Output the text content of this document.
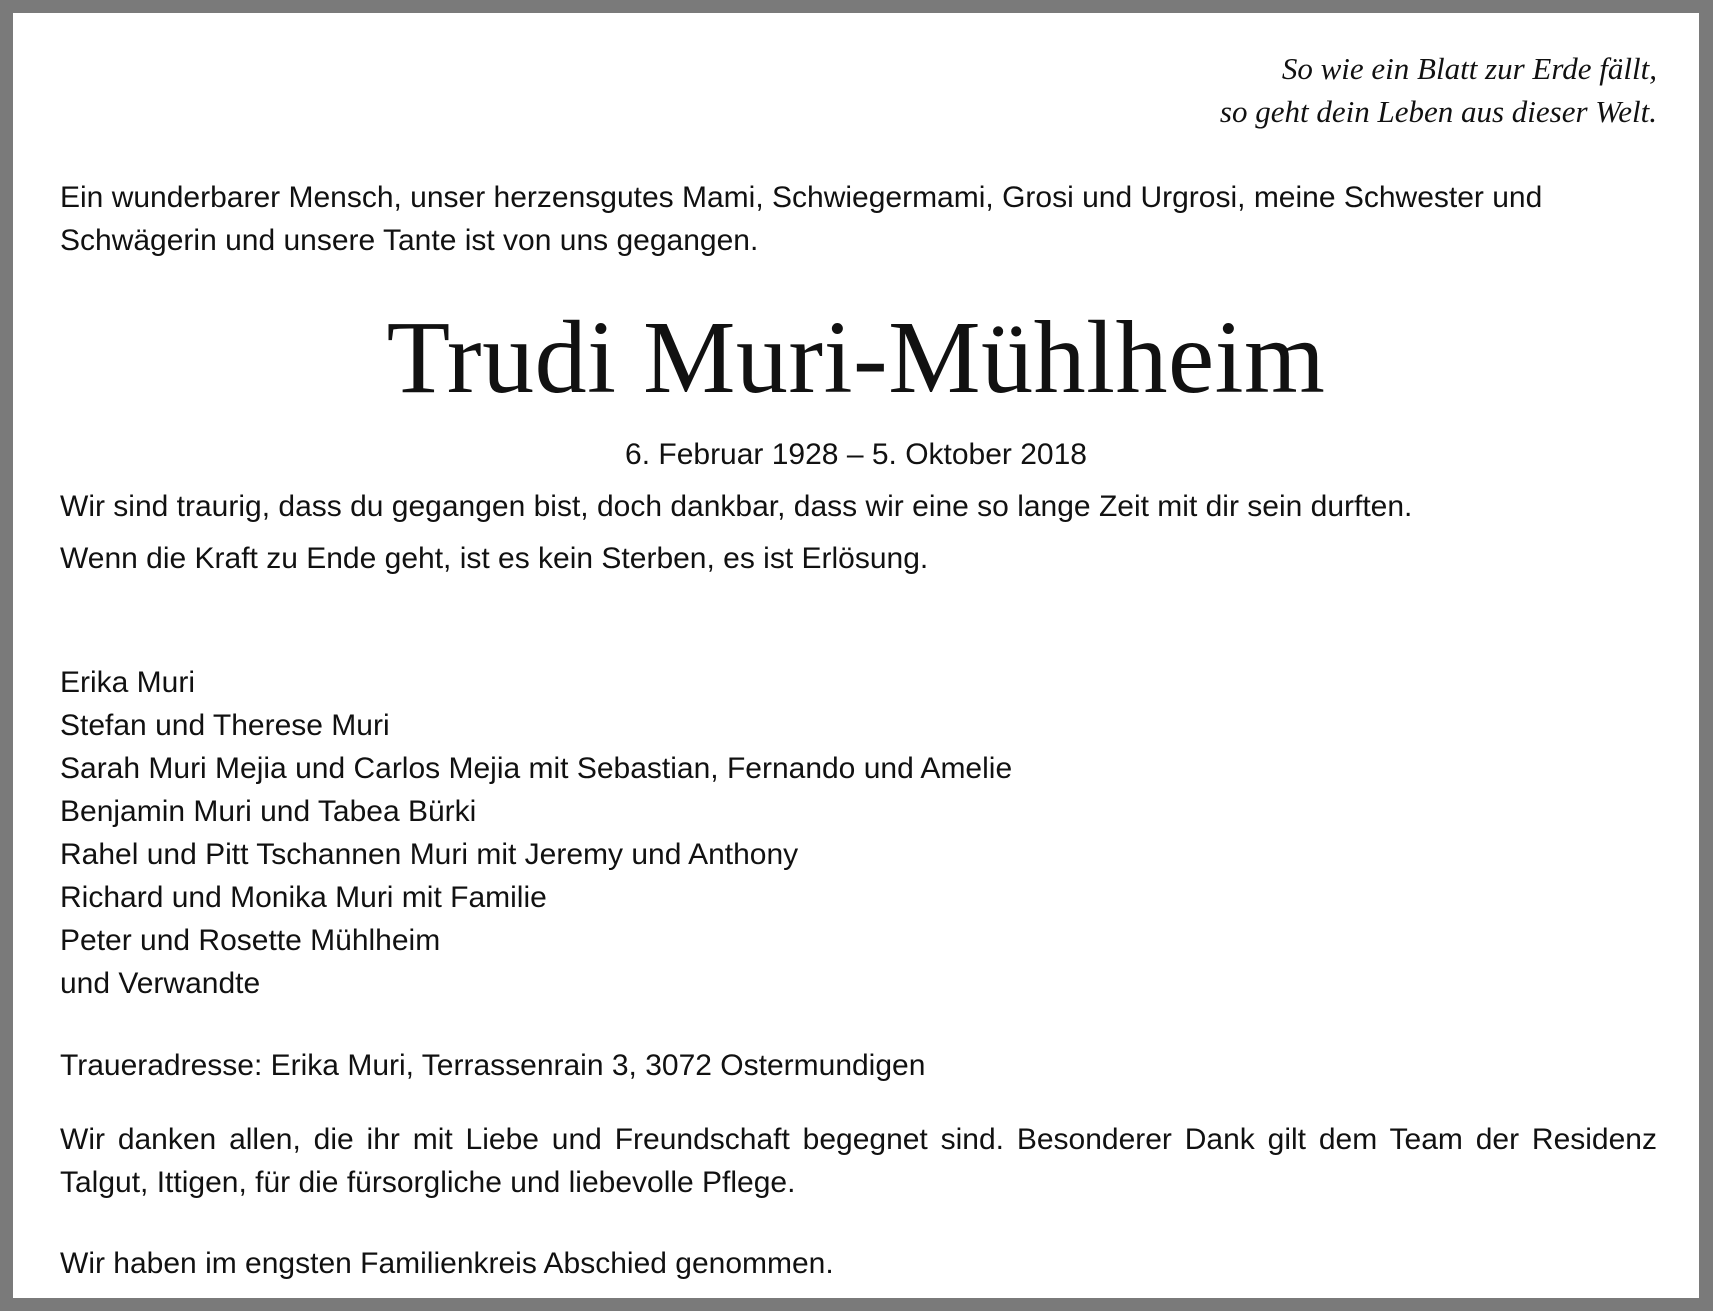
So wie ein Blatt zur Erde fällt,
so geht dein Leben aus dieser Welt.

Ein wunderbarer Mensch, unser herzensgutes Mami, Schwiegermami, Grosi und Urgrosi, meine Schwester und Schwägerin und unsere Tante ist von uns gegangen.

Trudi Muri-Mühlheim
6. Februar 1928 – 5. Oktober 2018

Wir sind traurig, dass du gegangen bist, doch dankbar, dass wir eine so lange Zeit mit dir sein durften.

Wenn die Kraft zu Ende geht, ist es kein Sterben, es ist Erlösung.

Erika Muri
Stefan und Therese Muri
Sarah Muri Mejia und Carlos Mejia mit Sebastian, Fernando und Amelie
Benjamin Muri und Tabea Bürki
Rahel und Pitt Tschannen Muri mit Jeremy und Anthony
Richard und Monika Muri mit Familie
Peter und Rosette Mühlheim
und Verwandte

Traueradresse: Erika Muri, Terrassenrain 3, 3072 Ostermundigen

Wir danken allen, die ihr mit Liebe und Freundschaft begegnet sind. Besonderer Dank gilt dem Team der Residenz Talgut, Ittigen, für die fürsorgliche und liebevolle Pflege.

Wir haben im engsten Familienkreis Abschied genommen.
